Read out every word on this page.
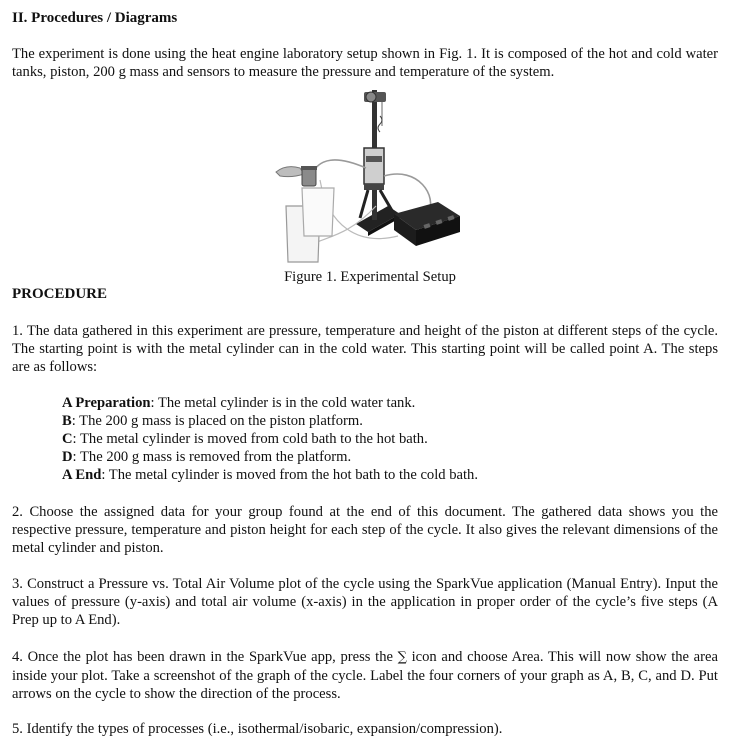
II. Procedures / Diagrams
The experiment is done using the heat engine laboratory setup shown in Fig. 1. It is composed of the hot and cold water tanks, piston, 200 g mass and sensors to measure the pressure and temperature of the system.
Figure 1. Experimental Setup
PROCEDURE
1. The data gathered in this experiment are pressure, temperature and height of the piston at different steps of the cycle. The starting point is with the metal cylinder can in the cold water. This starting point will be called point A. The steps are as follows:
A Preparation: The metal cylinder is in the cold water tank.
B: The 200 g mass is placed on the piston platform.
C: The metal cylinder is moved from cold bath to the hot bath.
D: The 200 g mass is removed from the platform.
A End: The metal cylinder is moved from the hot bath to the cold bath.
2. Choose the assigned data for your group found at the end of this document. The gathered data shows you the respective pressure, temperature and piston height for each step of the cycle. It also gives the relevant dimensions of the metal cylinder and piston.
3. Construct a Pressure vs. Total Air Volume plot of the cycle using the SparkVue application (Manual Entry). Input the values of pressure (y-axis) and total air volume (x-axis) in the application in proper order of the cycle’s five steps (A Prep up to A End).
4. Once the plot has been drawn in the SparkVue app, press the ∑ icon and choose Area. This will now show the area inside your plot. Take a screenshot of the graph of the cycle. Label the four corners of your graph as A, B, C, and D. Put arrows on the cycle to show the direction of the process.
5. Identify the types of processes (i.e., isothermal/isobaric, expansion/compression).
